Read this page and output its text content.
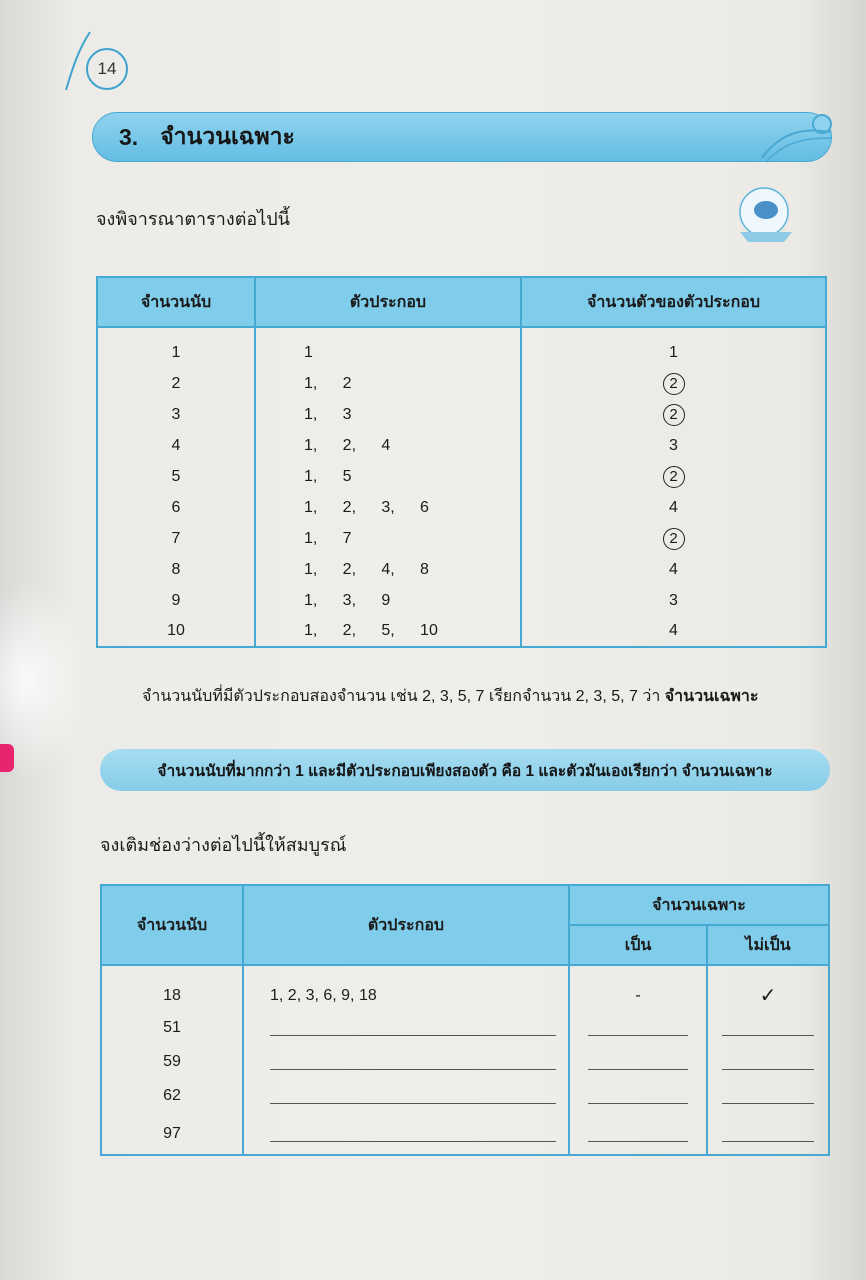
14
3. จำนวนเฉพาะ
จงพิจารณาตารางต่อไปนี้
จำนวนนับ	ตัวประกอบ	จำนวนตัวของตัวประกอบ
1	1	1
2	1,   2	2
3	1,   3	2
4	1,   2,   4	3
5	1,   5	2
6	1,   2,   3,   6	4
7	1,   7	2
8	1,   2,   4,   8	4
9	1,   3,   9	3
10	1,   2,   5,   10	4
จำนวนนับที่มีตัวประกอบสองจำนวน เช่น 2, 3, 5, 7 เรียกจำนวน 2, 3, 5, 7 ว่า จำนวนเฉพาะ
จำนวนนับที่มากกว่า 1 และมีตัวประกอบเพียงสองตัว คือ 1 และตัวมันเองเรียกว่า จำนวนเฉพาะ
จงเติมช่องว่างต่อไปนี้ให้สมบูรณ์
จำนวนนับ	ตัวประกอบ	จำนวนเฉพาะ	
		เป็น	ไม่เป็น
18	1, 2, 3, 6, 9, 18	-	✓
51	

59	

62	

97	
